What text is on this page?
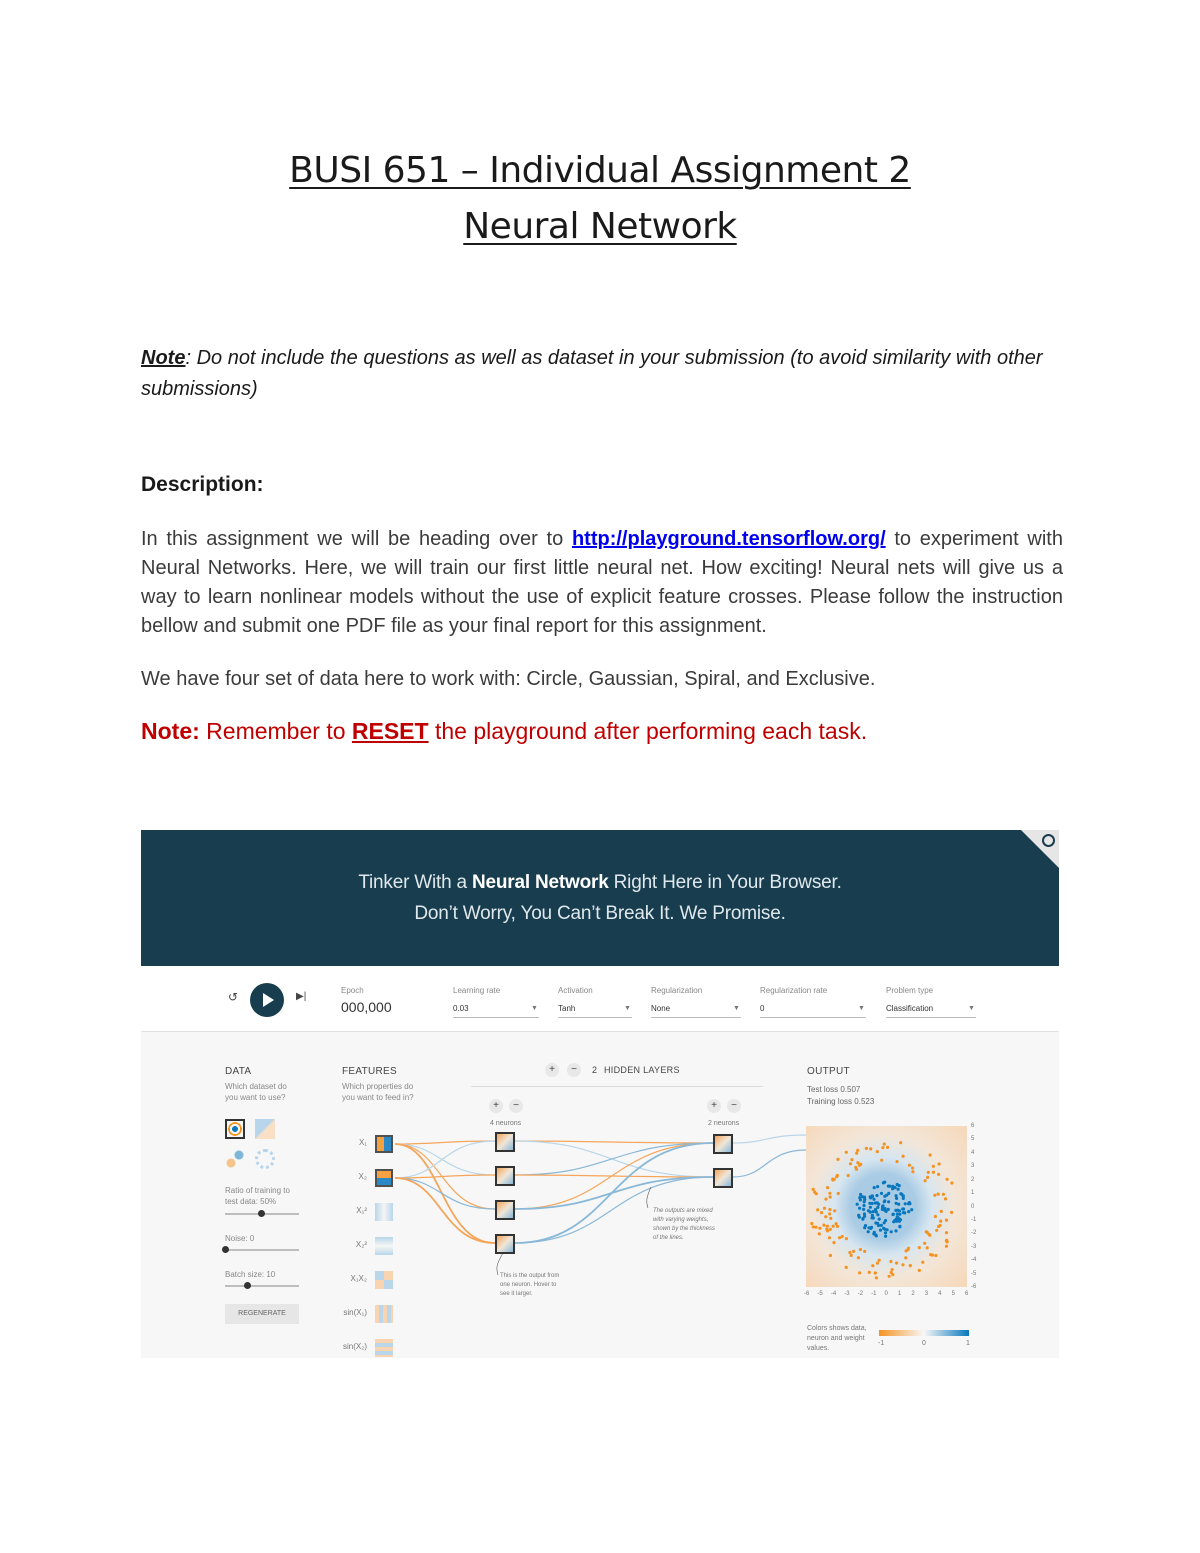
BUSI 651 – Individual Assignment 2
Neural Network
Note: Do not include the questions as well as dataset in your submission (to avoid similarity with other submissions)
Description:
In this assignment we will be heading over to http://playground.tensorflow.org/ to experiment with Neural Networks. Here, we will train our first little neural net. How exciting! Neural nets will give us a way to learn nonlinear models without the use of explicit feature crosses. Please follow the instruction bellow and submit one PDF file as your final report for this assignment.
We have four set of data here to work with: Circle, Gaussian, Spiral, and Exclusive.
Note: Remember to RESET the playground after performing each task.
Tinker With a Neural Network Right Here in Your Browser.
Don’t Worry, You Can’t Break It. We Promise.
↺	▶|
Epoch
000,000
Learning rate
0.03	▼
Activation
Tanh	▼
Regularization
None	▼
Regularization rate
0	▼
Problem type
Classification	▼
DATA
Which dataset do you want to use?
Ratio of training to test data: 50%
Noise: 0
Batch size: 10
REGENERATE
FEATURES
Which properties do you want to feed in?
X₁
X₂
X₁²
X₂²
X₁X₂
sin(X₁)
sin(X₂)
+	−	2 HIDDEN LAYERS
+	−
4 neurons
+	−
2 neurons
This is the output from one neuron. Hover to see it larger.
The outputs are mixed with varying weights, shown by the thickness of the lines.
OUTPUT
Test loss 0.507
Training loss 0.523
Colors shows data, neuron and weight values.
-1	0	1
-6
-6
-5
-5
-4
-4
-3
-3
-2
-2
-1
-1
0
0
1
1
2
2
3
3
4
4
5
5
6
6
